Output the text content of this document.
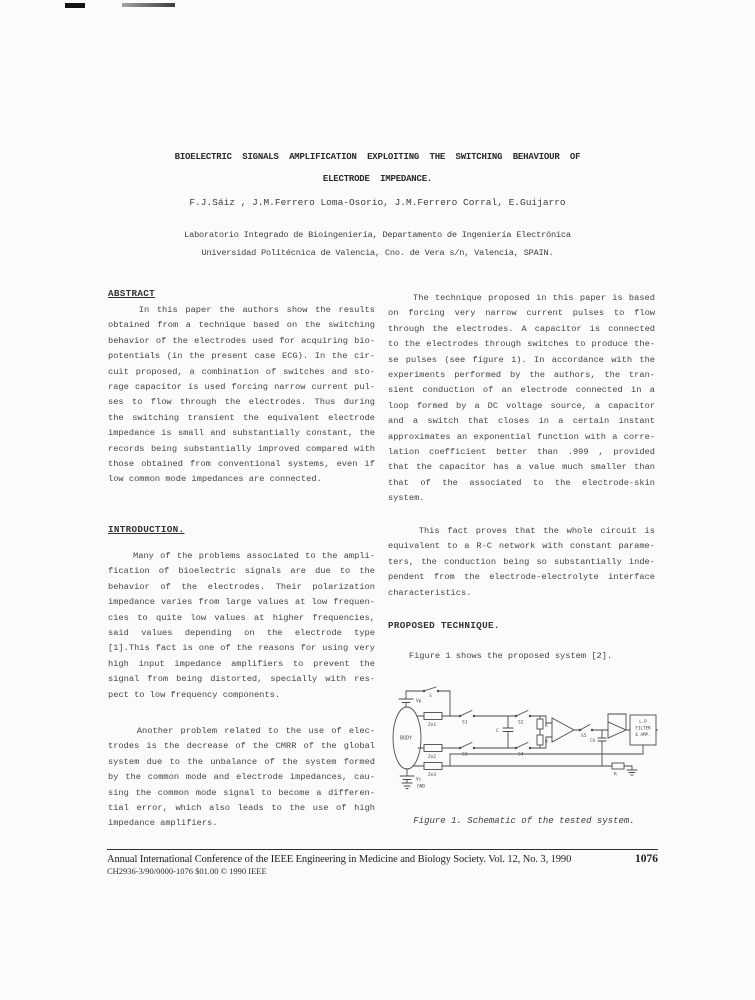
BIOELECTRIC  SIGNALS  AMPLIFICATION  EXPLOITING  THE  SWITCHING  BEHAVIOUR  OF
ELECTRODE  IMPEDANCE.
F.J.Sáiz , J.M.Ferrero Loma-Osorio, J.M.Ferrero Corral, E.Guijarro
Laboratorio Integrado de Bioingeniería, Departamento de Ingeniería Electrónica
Universidad Politécnica de Valencia, Cno. de Vera s/n, Valencia, SPAIN.
ABSTRACT
In this paper the authors show the results
obtained from a technique based on the switching
behavior of the electrodes used for acquiring bio-
potentials (in the present case ECG). In the cir-
cuit proposed, a combination of switches and sto-
rage capacitor is used forcing narrow current pul-
ses to flow through the electrodes. Thus during
the switching transient the equivalent electrode
impedance is small and substantially constant, the
records being substantially improved compared with
those obtained from conventional systems, even if
low common mode impedances are connected.
INTRODUCTION.
Many of the problems associated to the ampli-
fication of bioelectric signals are due to the
behavior of the electrodes. Their polarization
impedance varies from large values at low frequen-
cies to quite low values at higher frequencies,
said values depending on the electrode type
[1].This fact is one of the reasons for using very
high input impedance amplifiers to prevent the
signal from being distorted, specially with res-
pect to low frequency components.
Another problem related to the use of elec-
trodes is the decrease of the CMRR of the global
system due to the unbalance of the system formed
by the common mode and electrode impedances, cau-
sing the common mode signal to become a differen-
tial error, which also leads to the use of high
impedance amplifiers.
The technique proposed in this paper is based
on forcing very narrow current pulses to flow
through the electrodes. A capacitor is connected
to the electrodes through switches to produce the-
se pulses (see figure 1). In accordance with the
experiments performed by the authors, the tran-
sient conduction of an electrode connected in a
loop formed by a DC voltage source, a capacitor
and a switch that closes in a certain instant
approximates an exponential function with a corre-
lation coefficient better than .999 , provided
that the capacitor has a value much smaller than
that of the associated to the electrode-skin
system.
This fact proves that the whole circuit is
equivalent to a R-C network with constant parame-
ters, the conduction being so substantially inde-
pendent from the electrode-electrolyte interface
characteristics.
PROPOSED TECHNIQUE.
Figure 1 shows the proposed system [2].
Vp
S
BODY
Ze1
Ze2
Ze3
S1	S2
S3	S4
C
R
R
S5
Ch
R
Vc
GND
L.P
FILTER
& AMP.
Figure 1. Schematic of the tested system.
Annual International Conference of the IEEE Engineering in Medicine and Biology Society. Vol. 12, No. 3, 1990	1076
CH2936-3/90/0000-1076 $01.00 © 1990 IEEE
